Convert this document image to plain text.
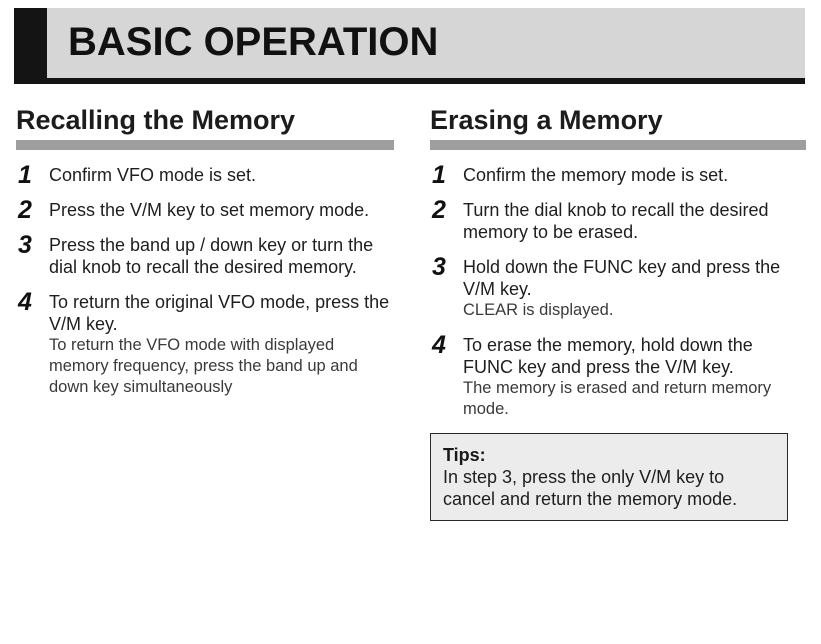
BASIC OPERATION
Recalling the Memory
1 Confirm VFO mode is set.
2 Press the V/M key to set memory mode.
3 Press the band up / down key or turn the dial knob to recall the desired memory.
4 To return the original VFO mode, press the V/M key.
To return the VFO mode with displayed memory frequency, press the band up and down key simultaneously
Erasing a Memory
1 Confirm the memory mode is set.
2 Turn the dial knob to recall the desired memory to be erased.
3 Hold down the FUNC key and press the V/M key.
CLEAR is displayed.
4 To erase the memory, hold down the FUNC key and press the V/M key.
The memory is erased and return memory mode.
Tips:
In step 3, press the only V/M key to cancel and return the memory mode.
